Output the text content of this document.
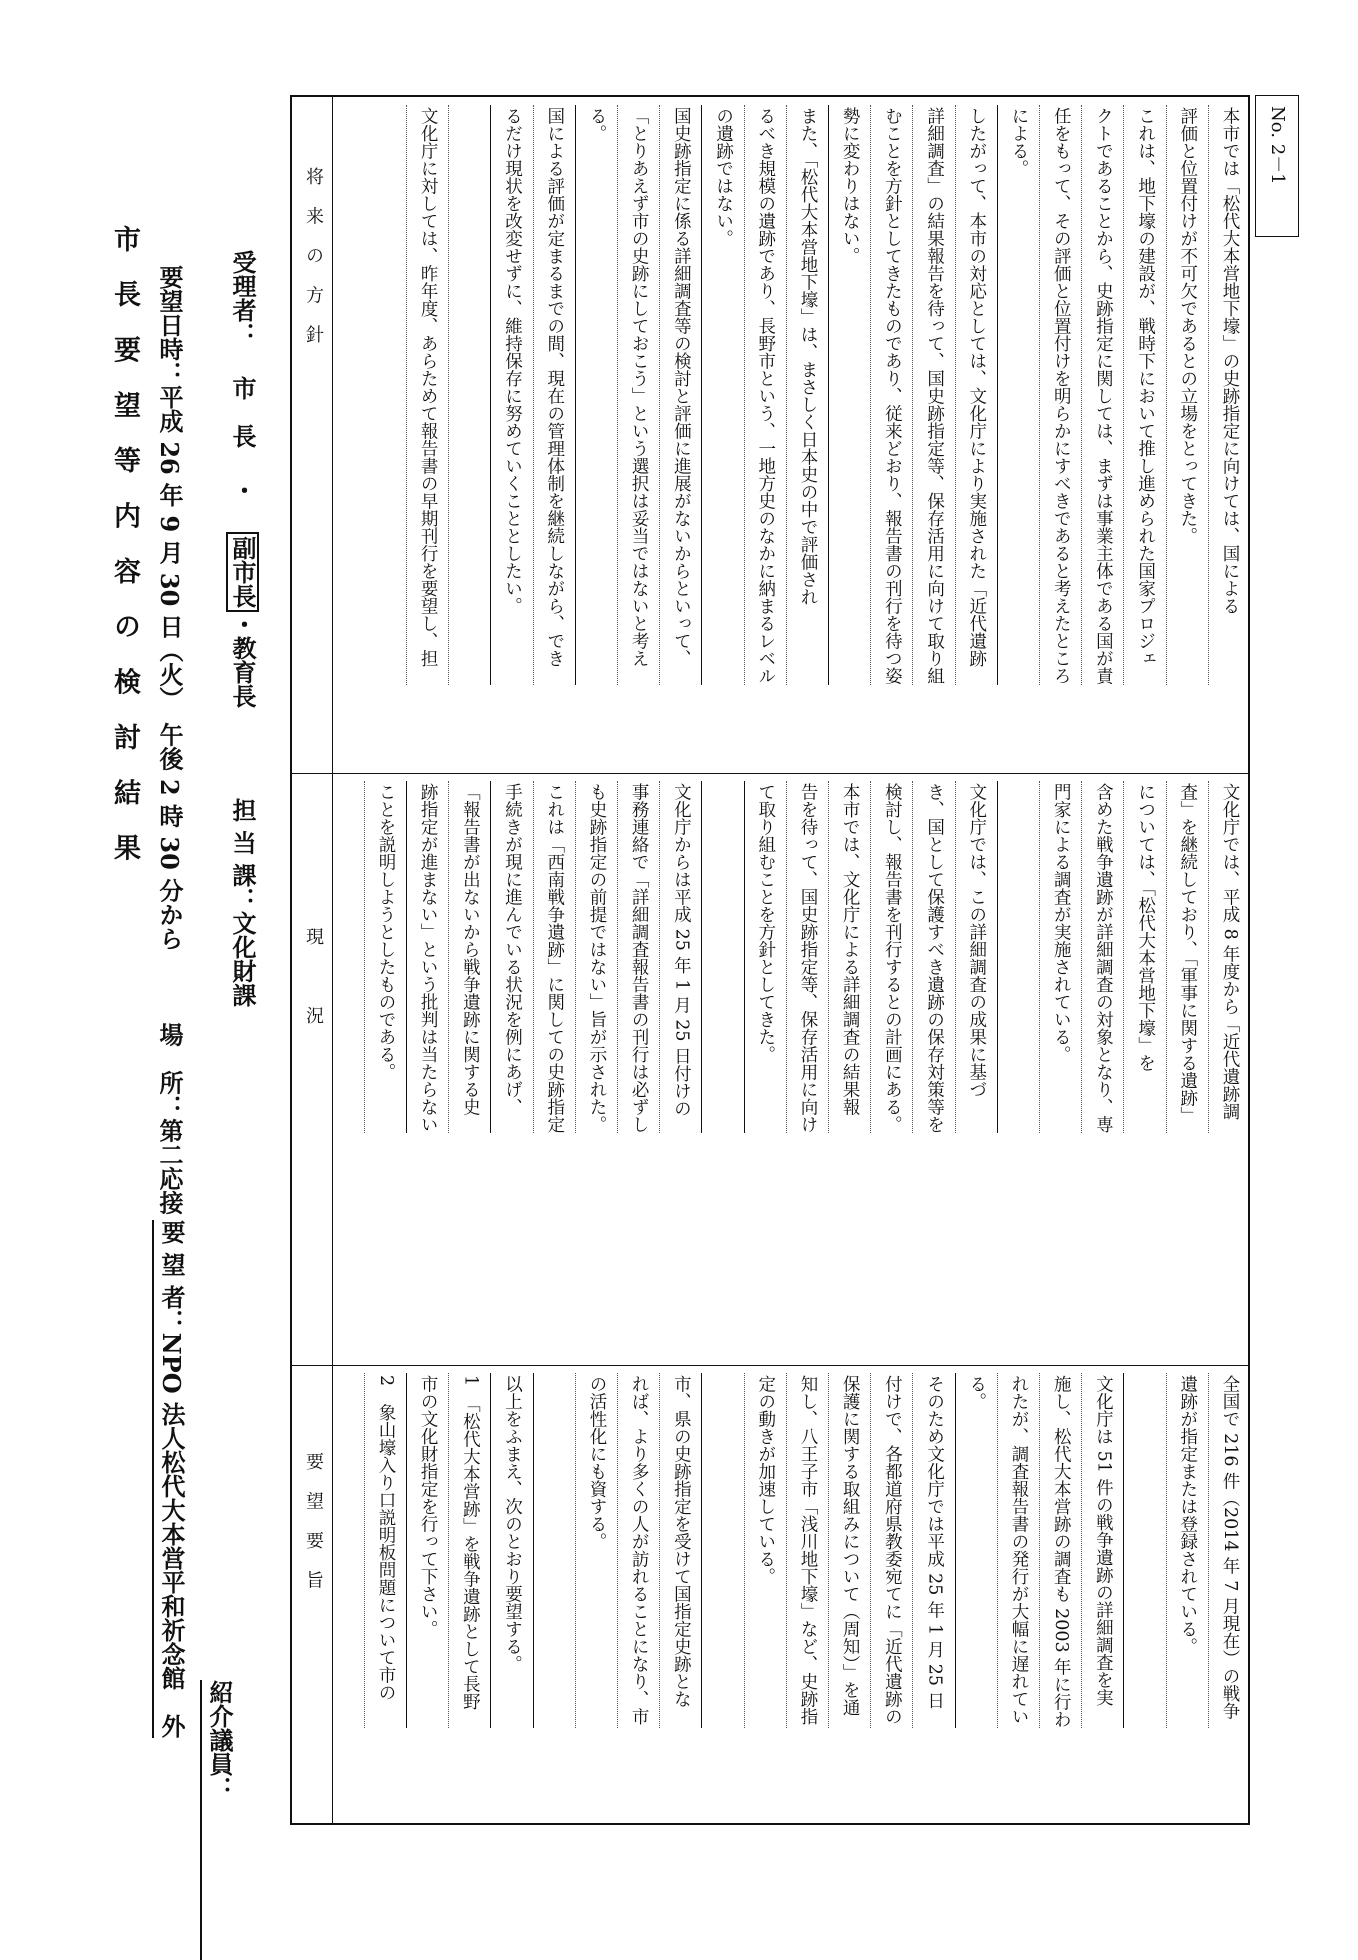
市長要望等内容の検討結果 要望日時：平成 26 年 9 月 30 日（火）　午後 2 時 30 分から　　　場　所：第二応接
要 望 者：NPO 法人松代大本営平和祈念館　外
紹介議員：
受理者：市　長・副市長・教育長担 当 課：文化財課
将来の方針
現　況
要望要旨
本市では「松代大本営地下壕」の史跡指定に向けては、国による
評価と位置付けが不可欠であるとの立場をとってきた。
これは、地下壕の建設が、戦時下において推し進められた国家プロジェ
クトであることから、史跡指定に関しては、まずは事業主体である国が責
任をもって、その評価と位置付けを明らかにすべきであると考えたところ
による。
したがって、本市の対応としては、文化庁により実施された「近代遺跡
詳細調査」の結果報告を待って、国史跡指定等、保存活用に向けて取り組
むことを方針としてきたものであり、従来どおり、報告書の刊行を待つ姿
勢に変わりはない。
また、「松代大本営地下壕」は、まさしく日本史の中で評価され
るべき規模の遺跡であり、長野市という、一地方史のなかに納まるレベル
の遺跡ではない。
国史跡指定に係る詳細調査等の検討と評価に進展がないからといって、
「とりあえず市の史跡にしておこう」という選択は妥当ではないと考え
る。
国による評価が定まるまでの間、現在の管理体制を継続しながら、でき
るだけ現状を改変せずに、維持保存に努めていくこととしたい。

文化庁に対しては、昨年度、あらためて報告書の早期刊行を要望し、担
文化庁では、平成 8 年度から「近代遺跡調
査」を継続しており、「軍事に関する遺跡」
については、「松代大本営地下壕」を
含めた戦争遺跡が詳細調査の対象となり、専
門家による調査が実施されている。

文化庁では、この詳細調査の成果に基づ
き、国として保護すべき遺跡の保存対策等を
検討し、報告書を刊行するとの計画にある。
本市では、文化庁による詳細調査の結果報
告を待って、国史跡指定等、保存活用に向け
て取り組むことを方針としてきた。

文化庁からは平成 25 年 1 月 25 日付けの
事務連絡で「詳細調査報告書の刊行は必ずし
も史跡指定の前提ではない」旨が示された。
これは「西南戦争遺跡」に関しての史跡指定
手続きが現に進んでいる状況を例にあげ、
「報告書が出ないから戦争遺跡に関する史
跡指定が進まない」という批判は当たらない
ことを説明しようとしたものである。
全国で 216 件（2014 年 7 月現在）の戦争
遺跡が指定または登録されている。

文化庁は 51 件の戦争遺跡の詳細調査を実
施し、松代大本営跡の調査も 2003 年に行わ
れたが、調査報告書の発行が大幅に遅れてい
る。
そのため文化庁では平成 25 年 1 月 25 日
付けで、各都道府県教委宛てに「近代遺跡の
保護に関する取組みについて（周知）」を通
知し、八王子市「浅川地下壕」など、史跡指
定の動きが加速している。

市、県の史跡指定を受けて国指定史跡とな
れば、より多くの人が訪れることになり、市
の活性化にも資する。

以上をふまえ、次のとおり要望する。
1　「松代大本営跡」を戦争遺跡として長野
市の文化財指定を行って下さい。
2　象山壕入り口説明板問題について市の
No. 2－1
